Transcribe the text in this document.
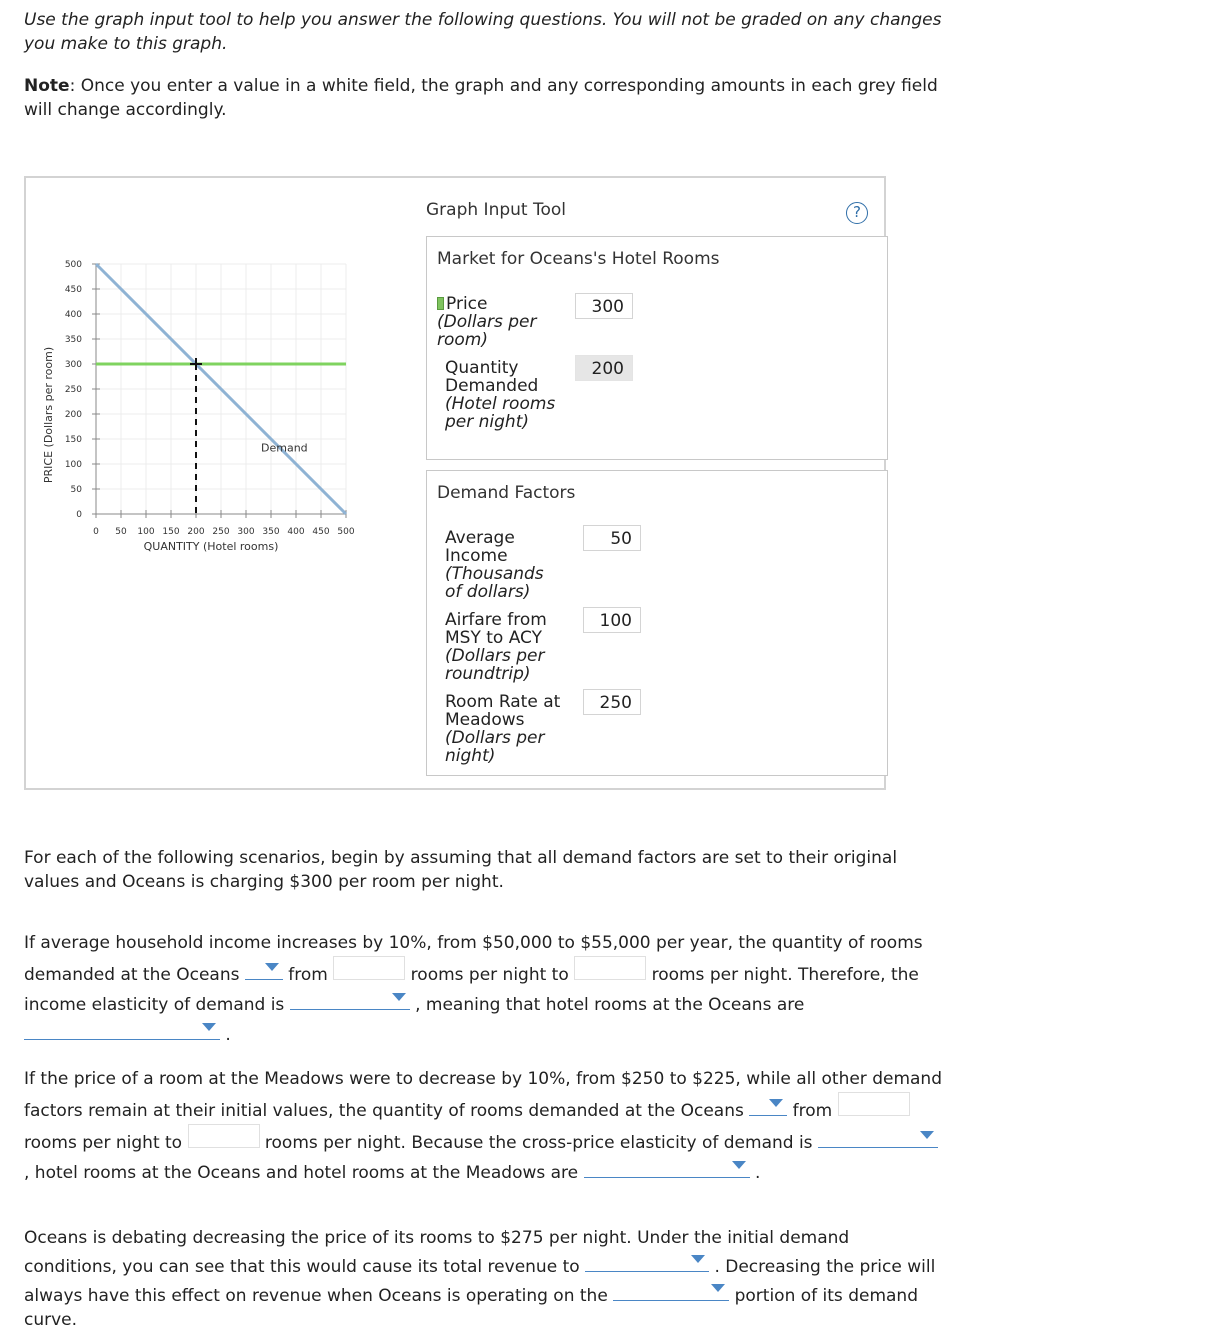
Use the graph input tool to help you answer the following questions. You will not be graded on any changes you make to this graph.
Note: Once you enter a value in a white field, the graph and any corresponding amounts in each grey field will change accordingly.
0
50
100
150
200
250
300
350
400
450
500
0 50 100 150 200 250 300 350 400 450 500
QUANTITY (Hotel rooms)
PRICE (Dollars per room)	Demand
Graph Input Tool	?
Market for Oceans's Hotel Rooms
Price
(Dollars per room)
300
Quantity Demanded
(Hotel rooms per night)
200
Demand Factors
Average Income
(Thousands of dollars)
50
Airfare from MSY to ACY
(Dollars per roundtrip)
100
Room Rate at Meadows
(Dollars per night)
250
For each of the following scenarios, begin by assuming that all demand factors are set to their original values and Oceans is charging $300 per room per night.
If average household income increases by 10%, from $50,000 to $55,000 per year, the quantity of rooms demanded at the Oceans	from	rooms per night to	rooms per night. Therefore, the income elasticity of demand is	, meaning that hotel rooms at the Oceans are
.
If the price of a room at the Meadows were to decrease by 10%, from $250 to $225, while all other demand factors remain at their initial values, the quantity of rooms demanded at the Oceans	from  rooms per night to	rooms per night. Because the cross-price elasticity of demand is
, hotel rooms at the Oceans and hotel rooms at the Meadows are	.
Oceans is debating decreasing the price of its rooms to $275 per night. Under the initial demand conditions, you can see that this would cause its total revenue to	. Decreasing the price will always have this effect on revenue when Oceans is operating on the	portion of its demand curve.
